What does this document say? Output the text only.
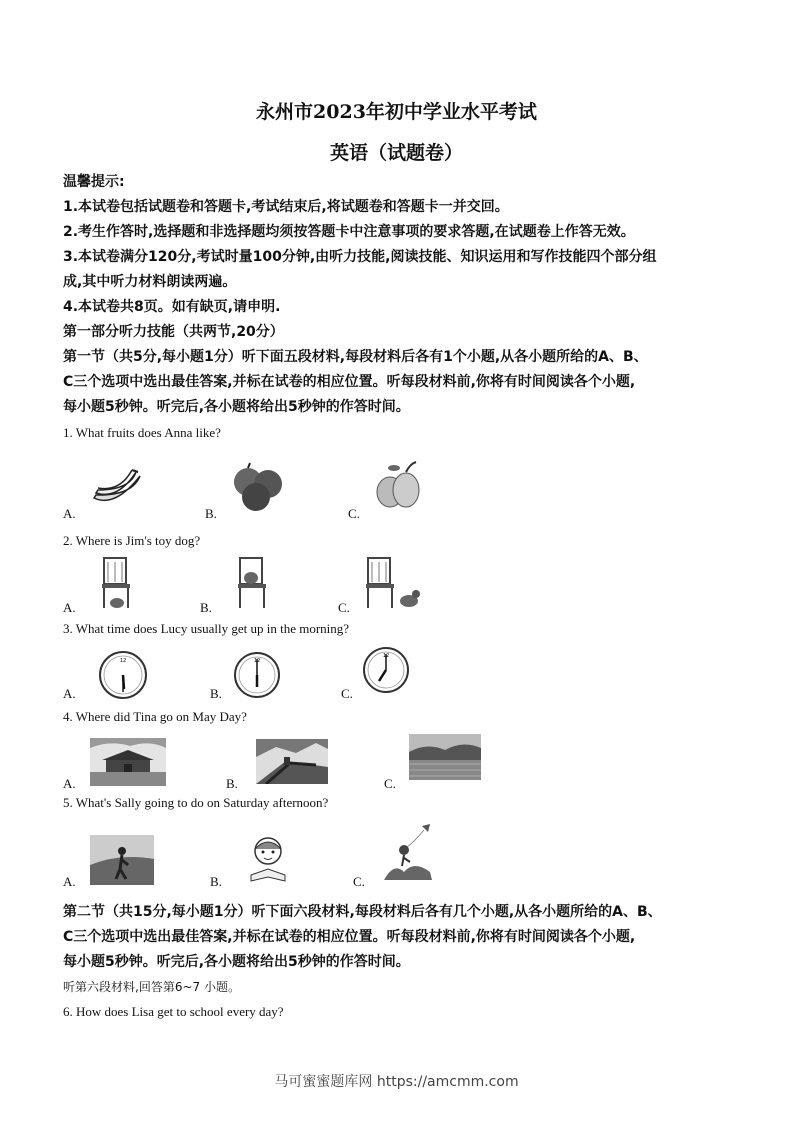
永州市2023年初中学业水平考试
英语（试题卷）
温馨提示:
1.本试卷包括试题卷和答题卡,考试结束后,将试题卷和答题卡一并交回。
2.考生作答时,选择题和非选择题均须按答题卡中注意事项的要求答题,在试题卷上作答无效。
3.本试卷满分120分,考试时量100分钟,由听力技能,阅读技能、知识运用和写作技能四个部分组
成,其中听力材料朗读两遍。
4.本试卷共8页。如有缺页,请申明.
第一部分听力技能（共两节,20分）
第一节（共5分,每小题1分）听下面五段材料,每段材料后各有1个小题,从各小题所给的A、B、
C三个选项中选出最佳答案,并标在试卷的相应位置。听每段材料前,你将有时间阅读各个小题,
每小题5秒钟。听完后,各小题将给出5秒钟的作答时间。
1. What fruits does Anna like?
A.	B.	C.
2. Where is Jim's toy dog?
A.	B.	C.
3. What time does Lucy usually get up in the morning?
A.	B.	C.
12	12
12
4. Where did Tina go on May Day?
A.	B.	C.
5. What's Sally going to do on Saturday afternoon?
A.	B.	C.
第二节（共15分,每小题1分）听下面六段材料,每段材料后各有几个小题,从各小题所给的A、B、
C三个选项中选出最佳答案,并标在试卷的相应位置。听每段材料前,你将有时间阅读各个小题,
每小题5秒钟。听完后,各小题将给出5秒钟的作答时间。
听第六段材料,回答第6~7 小题。
6. How does Lisa get to school every day?
马可蜜蜜题库网 https://amcmm.com
